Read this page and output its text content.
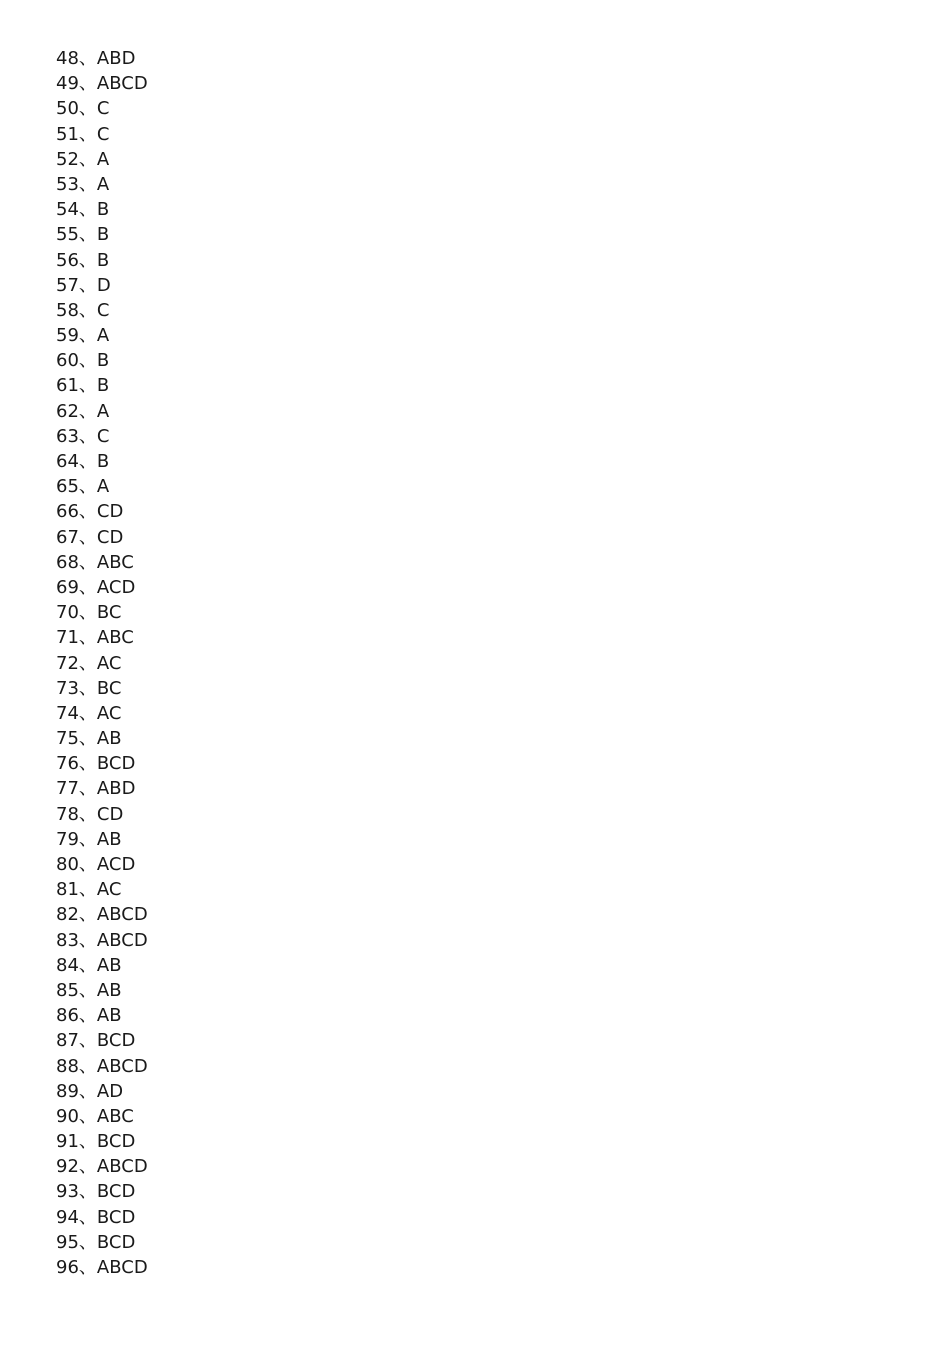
48、ABD
49、ABCD
50、C
51、C
52、A
53、A
54、B
55、B
56、B
57、D
58、C
59、A
60、B
61、B
62、A
63、C
64、B
65、A
66、CD
67、CD
68、ABC
69、ACD
70、BC
71、ABC
72、AC
73、BC
74、AC
75、AB
76、BCD
77、ABD
78、CD
79、AB
80、ACD
81、AC
82、ABCD
83、ABCD
84、AB
85、AB
86、AB
87、BCD
88、ABCD
89、AD
90、ABC
91、BCD
92、ABCD
93、BCD
94、BCD
95、BCD
96、ABCD
